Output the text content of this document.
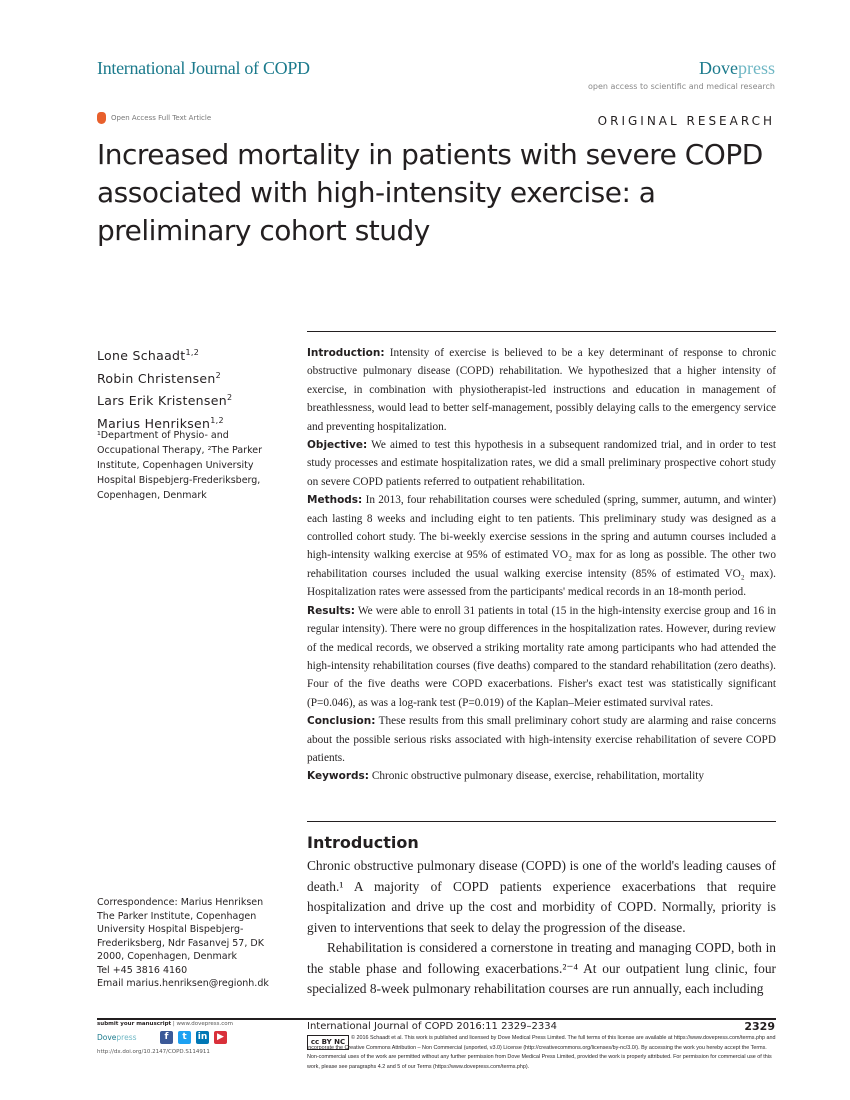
International Journal of COPD	Dovepress
open access to scientific and medical research
Open Access Full Text Article	ORIGINAL RESEARCH
Increased mortality in patients with severe COPD associated with high-intensity exercise: a preliminary cohort study
Lone Schaadt$^{1,2}$
Robin Christensen$^2$
Lars Erik Kristensen$^2$
Marius Henriksen$^{1,2}$
¹Department of Physio- and Occupational Therapy, ²The Parker Institute, Copenhagen University Hospital Bispebjerg-Frederiksberg, Copenhagen, Denmark

Introduction: Intensity of exercise is believed to be a key determinant of response to chronic obstructive pulmonary disease (COPD) rehabilitation. We hypothesized that a higher intensity of exercise, in combination with physiotherapist-led instructions and education in management of breathlessness, would lead to better self-management, possibly delaying calls to the emergency service and preventing hospitalization.

Objective: We aimed to test this hypothesis in a subsequent randomized trial, and in order to test study processes and estimate hospitalization rates, we did a small preliminary prospective cohort study on severe COPD patients referred to outpatient rehabilitation.

Methods: In 2013, four rehabilitation courses were scheduled (spring, summer, autumn, and winter) each lasting 8 weeks and including eight to ten patients. This preliminary study was designed as a controlled cohort study. The bi-weekly exercise sessions in the spring and autumn courses included a high-intensity walking exercise at 95% of estimated VO₂ max for as long as possible. The other two rehabilitation courses included the usual walking exercise intensity (85% of estimated VO₂ max). Hospitalization rates were assessed from the participants' medical records in an 18-month period.

Results: We were able to enroll 31 patients in total (15 in the high-intensity exercise group and 16 in regular intensity). There were no group differences in the hospitalization rates. However, during review of the medical records, we observed a striking mortality rate among participants who had attended the high-intensity rehabilitation courses (five deaths) compared to the standard rehabilitation (zero deaths). Four of the five deaths were COPD exacerbations. Fisher's exact test was statistically significant (P=0.046), as was a log-rank test (P=0.019) of the Kaplan–Meier estimated survival rates.

Conclusion: These results from this small preliminary cohort study are alarming and raise concerns about the possible serious risks associated with high-intensity exercise rehabilitation of severe COPD patients.

Keywords: Chronic obstructive pulmonary disease, exercise, rehabilitation, mortality

Introduction

Chronic obstructive pulmonary disease (COPD) is one of the world's leading causes of death.¹ A majority of COPD patients experience exacerbations that require hospitalization and drive up the cost and morbidity of COPD. Normally, priority is given to interventions that seek to delay the progression of the disease.

Rehabilitation is considered a cornerstone in treating and managing COPD, both in the stable phase and following exacerbations.²⁻⁴ At our outpatient lung clinic, four specialized 8-week pulmonary rehabilitation courses are run annually, each including

Correspondence: Marius Henriksen
The Parker Institute, Copenhagen
University Hospital Bispebjerg-
Frederiksberg, Ndr Fasanvej 57, DK
2000, Copenhagen, Denmark
Tel +45 3816 4160
Email marius.henriksen@regionh.dk
submit your manuscript | www.dovepress.com
Dovepress	f	t	in	▶
http://dx.doi.org/10.2147/COPD.S114911
International Journal of COPD 2016:11 2329–2334	2329
© 2016 Schaadt et al. This work is published and licensed by Dove Medical Press Limited. The full terms of this license are available at https://www.dovepress.com/terms.php and incorporate the Creative Commons Attribution – Non Commercial (unported, v3.0) License (http://creativecommons.org/licenses/by-nc/3.0/). By accessing the work you hereby accept the Terms. Non-commercial uses of the work are permitted without any further permission from Dove Medical Press Limited, provided the work is properly attributed. For permission for commercial use of this work, please see paragraphs 4.2 and 5 of our Terms (https://www.dovepress.com/terms.php).
cc BY NC
